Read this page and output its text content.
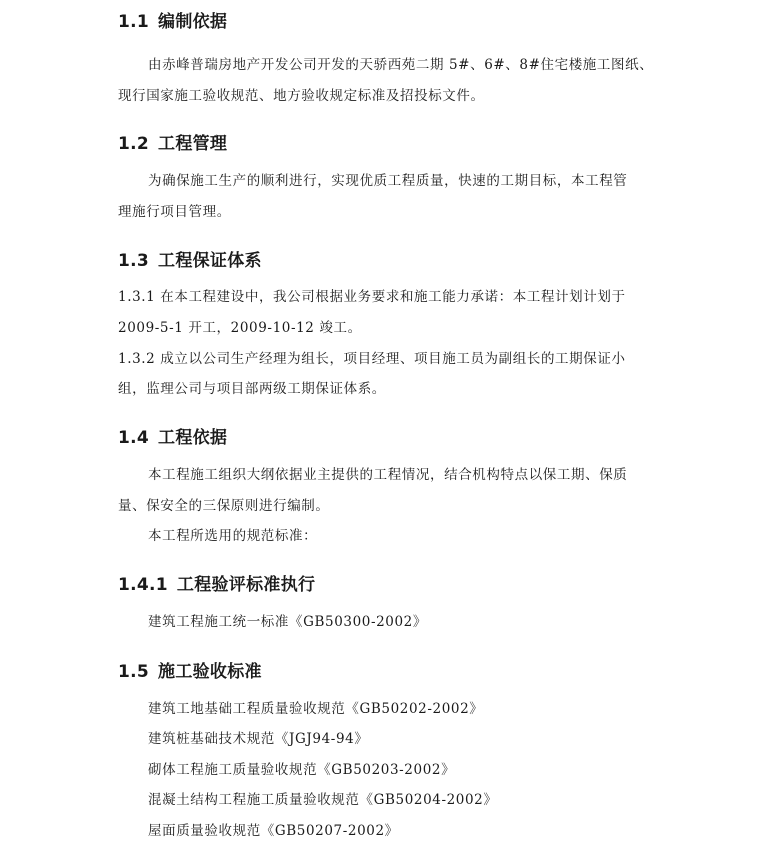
1.1 编制依据
由赤峰普瑞房地产开发公司开发的天骄西苑二期 5#、6#、8#住宅楼施工图纸、
现行国家施工验收规范、地方验收规定标准及招投标文件。
1.2 工程管理
为确保施工生产的顺利进行，实现优质工程质量，快速的工期目标，本工程管
理施行项目管理。
1.3 工程保证体系
1.3.1 在本工程建设中，我公司根据业务要求和施工能力承诺：本工程计划计划于
2009-5-1 开工，2009-10-12 竣工。
1.3.2 成立以公司生产经理为组长，项目经理、项目施工员为副组长的工期保证小
组，监理公司与项目部两级工期保证体系。
1.4 工程依据
本工程施工组织大纲依据业主提供的工程情况，结合机构特点以保工期、保质
量、保安全的三保原则进行编制。
本工程所选用的规范标准：
1.4.1 工程验评标准执行
建筑工程施工统一标准《GB50300-2002》
1.5 施工验收标准
建筑工地基础工程质量验收规范《GB50202-2002》
建筑桩基础技术规范《JGJ94-94》
砌体工程施工质量验收规范《GB50203-2002》
混凝土结构工程施工质量验收规范《GB50204-2002》
屋面质量验收规范《GB50207-2002》
